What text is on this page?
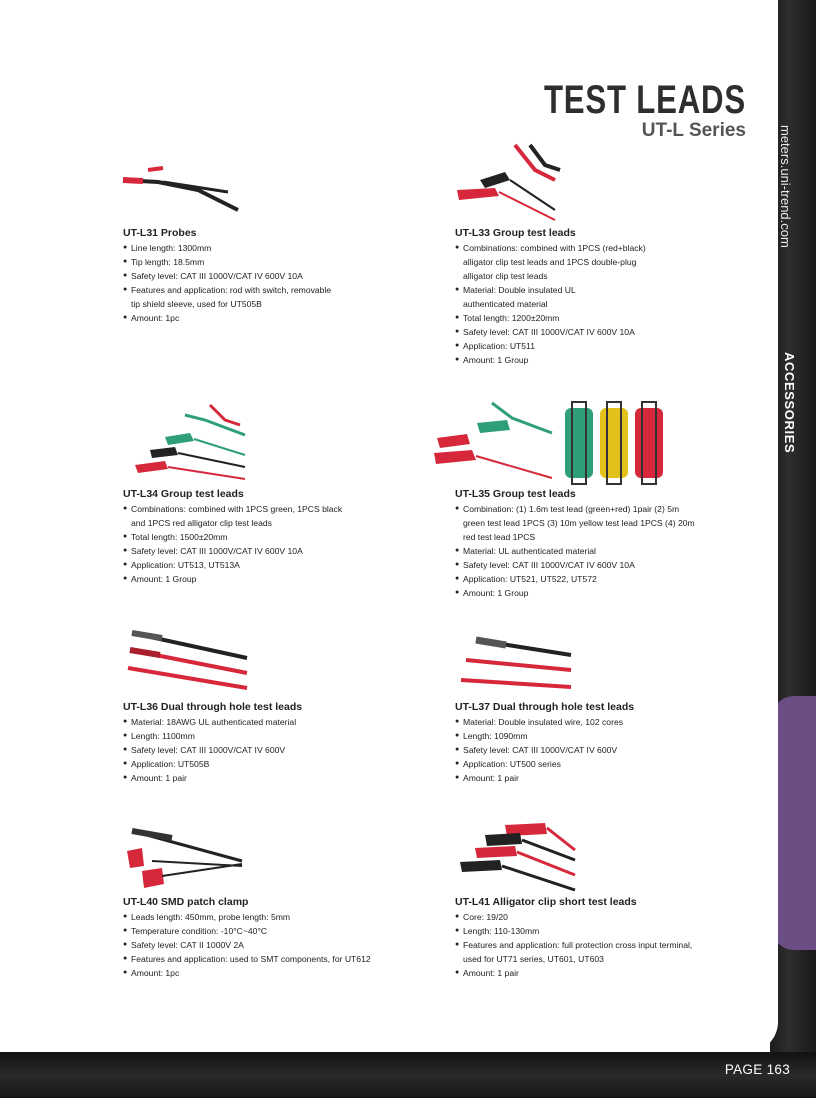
meters.uni-trend.com
ACCESSORIES
PAGE 163
TEST LEADS
UT-L Series
UT-L31 Probes
● Line length: 1300mm
● Tip length: 18.5mm
● Safety level: CAT III 1000V/CAT IV 600V 10A
● Features and application: rod with switch, removable
tip shield sleeve, used for UT505B
● Amount: 1pc
UT-L33 Group test leads
● Combinations: combined with 1PCS (red+black)
alligator clip test leads and 1PCS double-plug
alligator clip test leads
● Material: Double insulated UL
authenticated material
● Total length: 1200±20mm
● Safety level: CAT III 1000V/CAT IV 600V 10A
● Application: UT511
● Amount: 1 Group
UT-L34 Group test leads
● Combinations: combined with 1PCS green, 1PCS black
and 1PCS red alligator clip test leads
● Total length: 1500±20mm
● Safety level: CAT III 1000V/CAT IV 600V 10A
● Application: UT513, UT513A
● Amount: 1 Group
UT-L35 Group test leads
● Combination: (1) 1.6m test lead (green+red) 1pair (2) 5m
green test lead 1PCS (3) 10m yellow test lead 1PCS (4) 20m
red test lead 1PCS
● Material: UL authenticated material
● Safety level: CAT III 1000V/CAT IV 600V 10A
● Application: UT521, UT522, UT572
● Amount: 1 Group
UT-L36 Dual through hole test leads
● Material: 18AWG UL authenticated material
● Length: 1100mm
● Safety level: CAT III 1000V/CAT IV 600V
● Application: UT505B
● Amount: 1 pair
UT-L37 Dual through hole test leads
● Material: Double insulated wire, 102 cores
● Length: 1090mm
● Safety level: CAT III 1000V/CAT IV 600V
● Application: UT500 series
● Amount: 1 pair
UT-L40 SMD patch clamp
● Leads length: 450mm, probe length: 5mm
● Temperature condition: -10°C~40°C
● Safety level: CAT II 1000V 2A
● Features and application: used to SMT components, for UT612
● Amount: 1pc
UT-L41 Alligator clip short test leads
● Core: 19/20
● Length: 110-130mm
● Features and application: full protection cross input terminal,
used for UT71 series, UT601, UT603
● Amount: 1 pair
